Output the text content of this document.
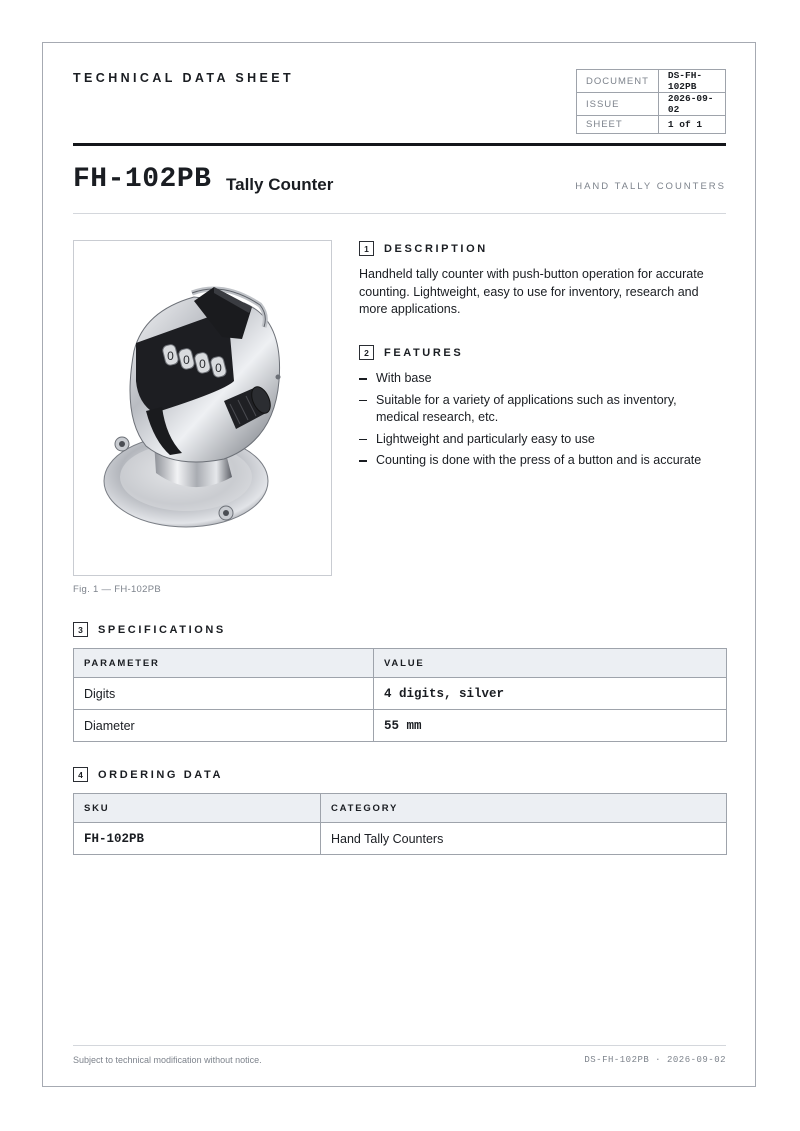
TECHNICAL DATA SHEET	DOCUMENT	DS-FH-102PB
ISSUE	2026-09-02
SHEET	1 of 1
FH-102PB Tally Counter	HAND TALLY COUNTERS
0 0 0 0
Fig. 1 — FH-102PB
1	DESCRIPTION
Handheld tally counter with push-button operation for accurate counting. Lightweight, easy to use for inventory, research and more applications.
2	FEATURES
With base
Suitable for a variety of applications such as inventory, medical research, etc.
Lightweight and particularly easy to use
Counting is done with the press of a button and is accurate
3	SPECIFICATIONS
PARAMETER	VALUE
Digits	4 digits, silver
Diameter	55 mm
4	ORDERING DATA
SKU	CATEGORY
FH-102PB	Hand Tally Counters
Subject to technical modification without notice.	DS-FH-102PB · 2026-09-02
